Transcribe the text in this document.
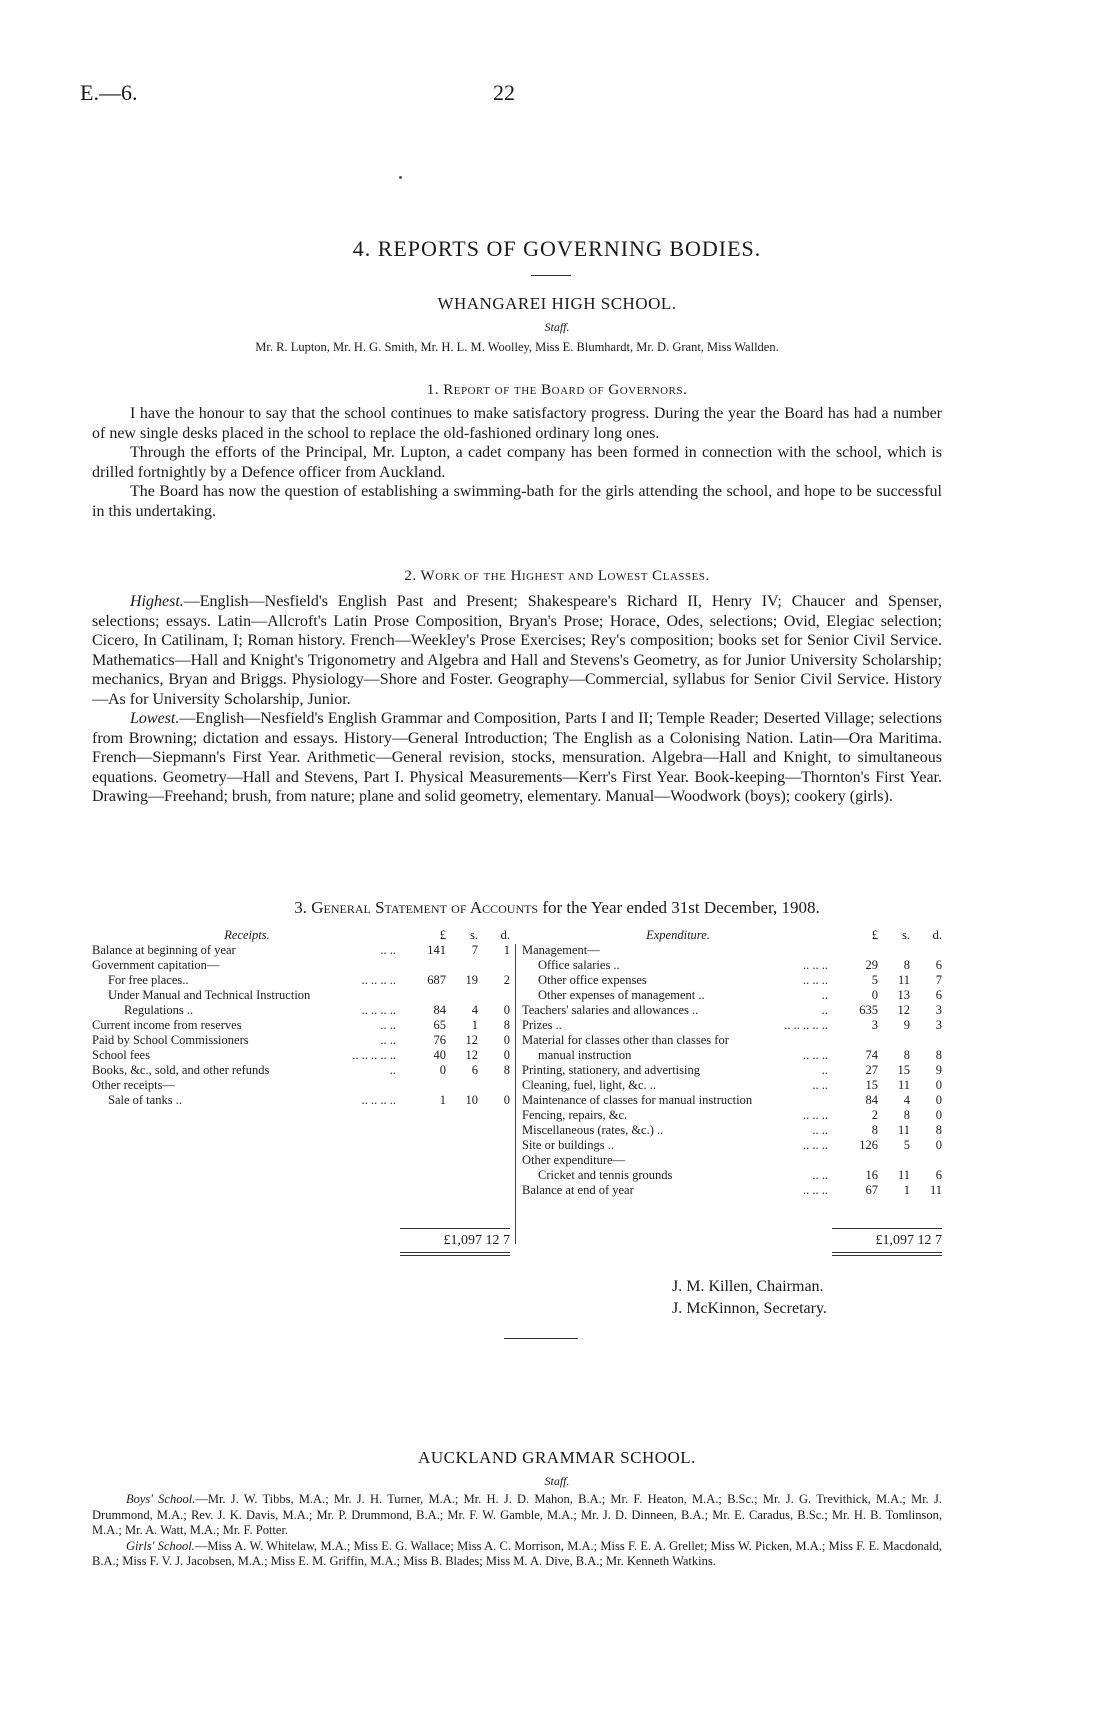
E.—6.	22
4. REPORTS OF GOVERNING BODIES.
WHANGAREI HIGH SCHOOL.
Staff.
Mr. R. Lupton, Mr. H. G. Smith, Mr. H. L. M. Woolley, Miss E. Blumhardt, Mr. D. Grant, Miss Wallden.
1. Report of the Board of Governors.

I have the honour to say that the school continues to make satisfactory progress. During the year the Board has had a number of new single desks placed in the school to replace the old-fashioned ordinary long ones.

Through the efforts of the Principal, Mr. Lupton, a cadet company has been formed in connection with the school, which is drilled fortnightly by a Defence officer from Auckland.

The Board has now the question of establishing a swimming-bath for the girls attending the school, and hope to be successful in this undertaking.

2. Work of the Highest and Lowest Classes.

Highest.—English—Nesfield's English Past and Present; Shakespeare's Richard II, Henry IV; Chaucer and Spenser, selections; essays. Latin—Allcroft's Latin Prose Composition, Bryan's Prose; Horace, Odes, selections; Ovid, Elegiac selection; Cicero, In Catilinam, I; Roman history. French—Weekley's Prose Exercises; Rey's composition; books set for Senior Civil Service. Mathematics—Hall and Knight's Trigonometry and Algebra and Hall and Stevens's Geometry, as for Junior University Scholarship; mechanics, Bryan and Briggs. Physiology—Shore and Foster. Geography—Commercial, syllabus for Senior Civil Service. History—As for University Scholarship, Junior.

Lowest.—English—Nesfield's English Grammar and Composition, Parts I and II; Temple Reader; Deserted Village; selections from Browning; dictation and essays. History—General Introduction; The English as a Colonising Nation. Latin—Ora Maritima. French—Siepmann's First Year. Arithmetic—General revision, stocks, mensuration. Algebra—Hall and Knight, to simultaneous equations. Geometry—Hall and Stevens, Part I. Physical Measurements—Kerr's First Year. Book-keeping—Thornton's First Year. Drawing—Freehand; brush, from nature; plane and solid geometry, elementary. Manual—Woodwork (boys); cookery (girls).

3. General Statement of Accounts for the Year ended 31st December, 1908.
Receipts.	£	s.	d.
Balance at beginning of year .. ..	141	7	1
Government capitation—

For free places.. .. .. .. ..	687	19	2
Under Manual and Technical Instruction

Regulations .. .. .. .. ..	84	4	0
Current income from reserves .. ..	65	1	8
Paid by School Commissioners .. ..	76	12	0
School fees .. .. .. .. ..	40	12	0
Books, &c., sold, and other refunds ..	0	6	8
Other receipts—

Sale of tanks .. .. .. .. ..	1	10	0
Expenditure.	£	s.	d.
Management—

Office salaries .. .. .. ..	29	8	6
Other office expenses .. .. ..	5	11	7
Other expenses of management .. ..	0	13	6
Teachers' salaries and allowances .. ..	635	12	3
Prizes .. .. .. .. .. ..	3	9	3
Material for classes other than classes for

manual instruction .. .. ..	74	8	8
Printing, stationery, and advertising ..	27	15	9
Cleaning, fuel, light, &c. .. .. ..	15	11	0
Maintenance of classes for manual instruction	84	4	0
Fencing, repairs, &c. .. .. ..	2	8	0
Miscellaneous (rates, &c.) .. .. ..	8	11	8
Site or buildings .. .. .. ..	126	5	0
Other expenditure—

Cricket and tennis grounds .. ..	16	11	6
Balance at end of year .. .. ..	67	1	11
£1,097 12 7	£1,097 12 7
J. M. Killen, Chairman.
J. McKinnon, Secretary.
AUCKLAND GRAMMAR SCHOOL.
Staff.

Boys' School.—Mr. J. W. Tibbs, M.A.; Mr. J. H. Turner, M.A.; Mr. H. J. D. Mahon, B.A.; Mr. F. Heaton, M.A.; B.Sc.; Mr. J. G. Trevithick, M.A.; Mr. J. Drummond, M.A.; Rev. J. K. Davis, M.A.; Mr. P. Drummond, B.A.; Mr. F. W. Gamble, M.A.; Mr. J. D. Dinneen, B.A.; Mr. E. Caradus, B.Sc.; Mr. H. B. Tomlinson, M.A.; Mr. A. Watt, M.A.; Mr. F. Potter.

Girls' School.—Miss A. W. Whitelaw, M.A.; Miss E. G. Wallace; Miss A. C. Morrison, M.A.; Miss F. E. A. Grellet; Miss W. Picken, M.A.; Miss F. E. Macdonald, B.A.; Miss F. V. J. Jacobsen, M.A.; Miss E. M. Griffin, M.A.; Miss B. Blades; Miss M. A. Dive, B.A.; Mr. Kenneth Watkins.
